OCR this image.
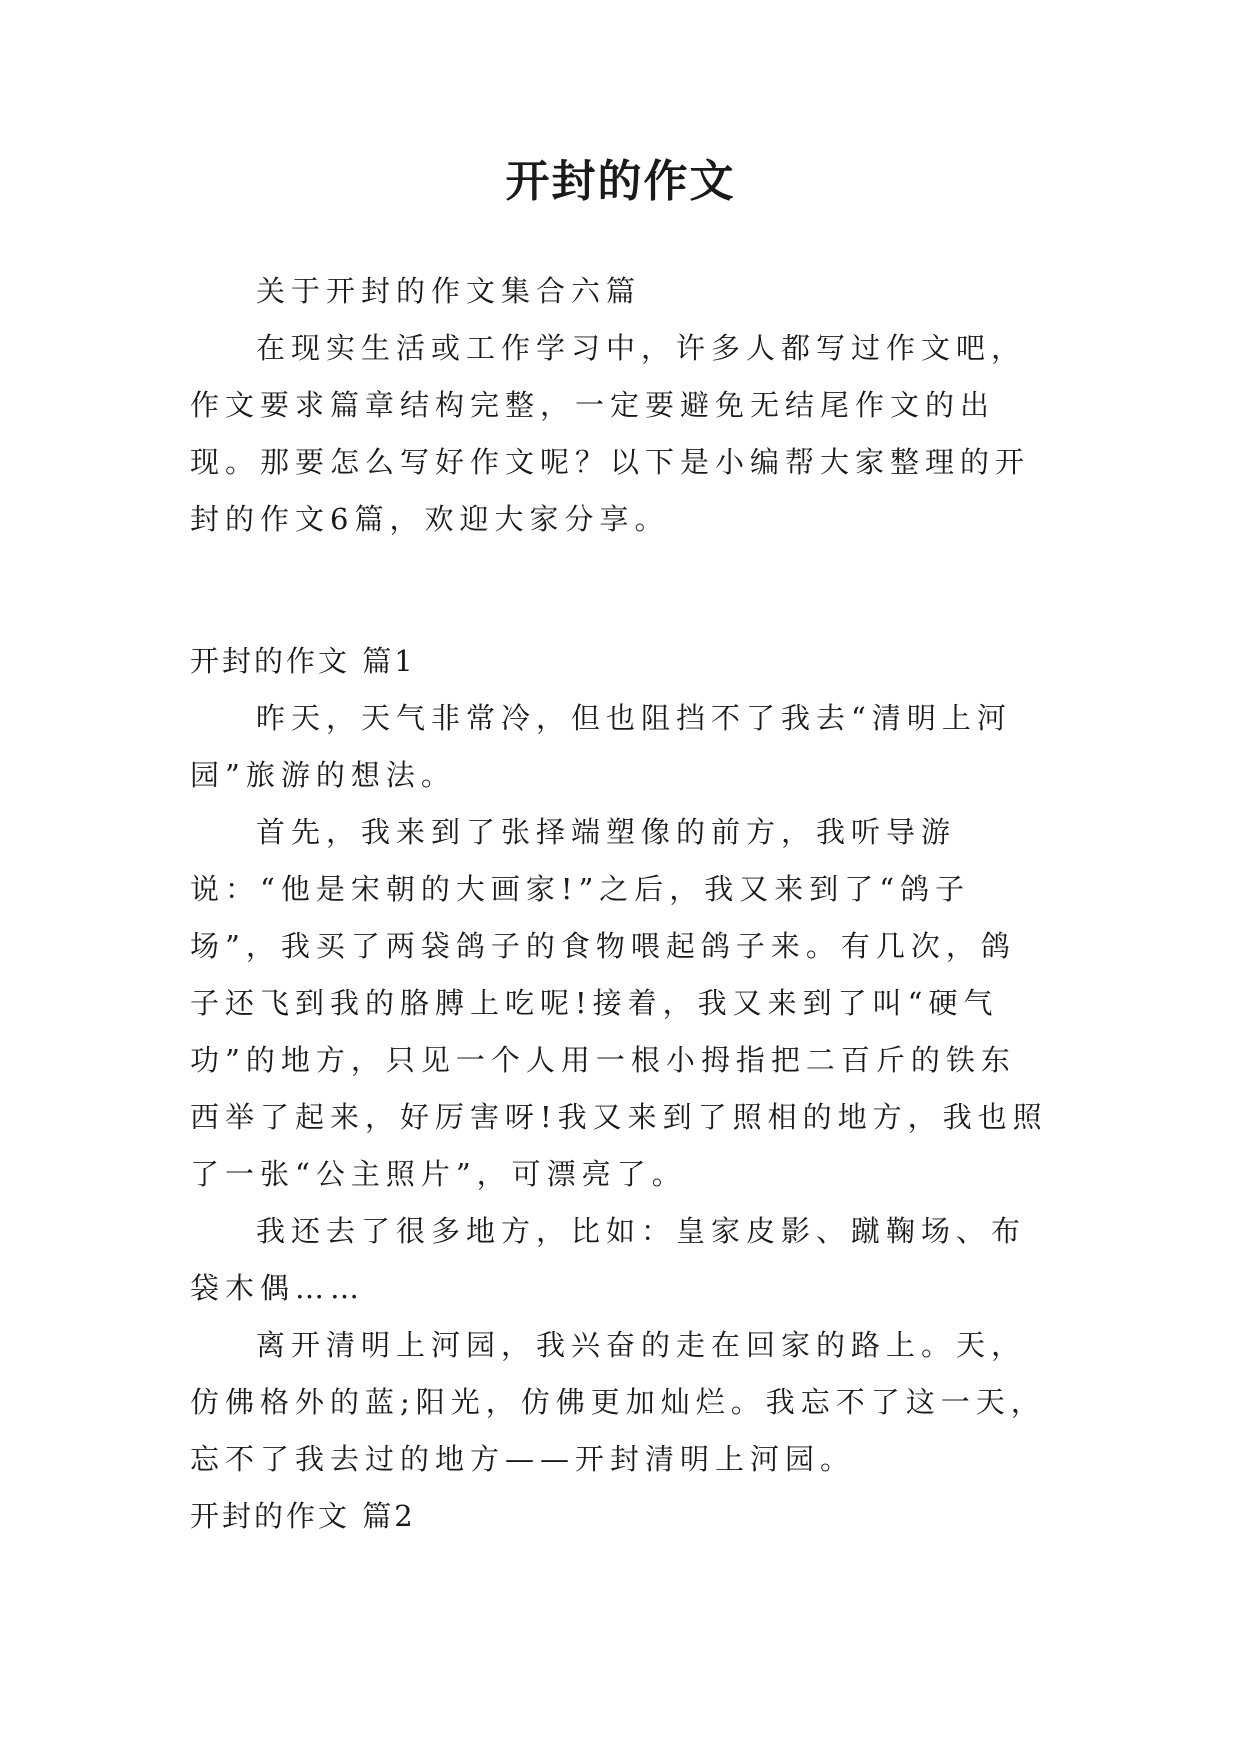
开封的作文

关于开封的作文集合六篇

在现实生活或工作学习中，许多人都写过作文吧，作文要求篇章结构完整，一定要避免无结尾作文的出现。那要怎么写好作文呢？以下是小编帮大家整理的开封的作文6篇，欢迎大家分享。

开封的作文 篇1

昨天，天气非常冷，但也阻挡不了我去“清明上河园”旅游的想法。

首先，我来到了张择端塑像的前方，我听导游说：“他是宋朝的大画家!”之后，我又来到了“鸽子场”，我买了两袋鸽子的食物喂起鸽子来。有几次，鸽子还飞到我的胳膊上吃呢!接着，我又来到了叫“硬气功”的地方，只见一个人用一根小拇指把二百斤的铁东西举了起来，好厉害呀!我又来到了照相的地方，我也照了一张“公主照片”，可漂亮了。

我还去了很多地方，比如：皇家皮影、蹴鞠场、布袋木偶……

离开清明上河园，我兴奋的走在回家的路上。天，仿佛格外的蓝;阳光，仿佛更加灿烂。我忘不了这一天，忘不了我去过的地方——开封清明上河园。

开封的作文 篇2
